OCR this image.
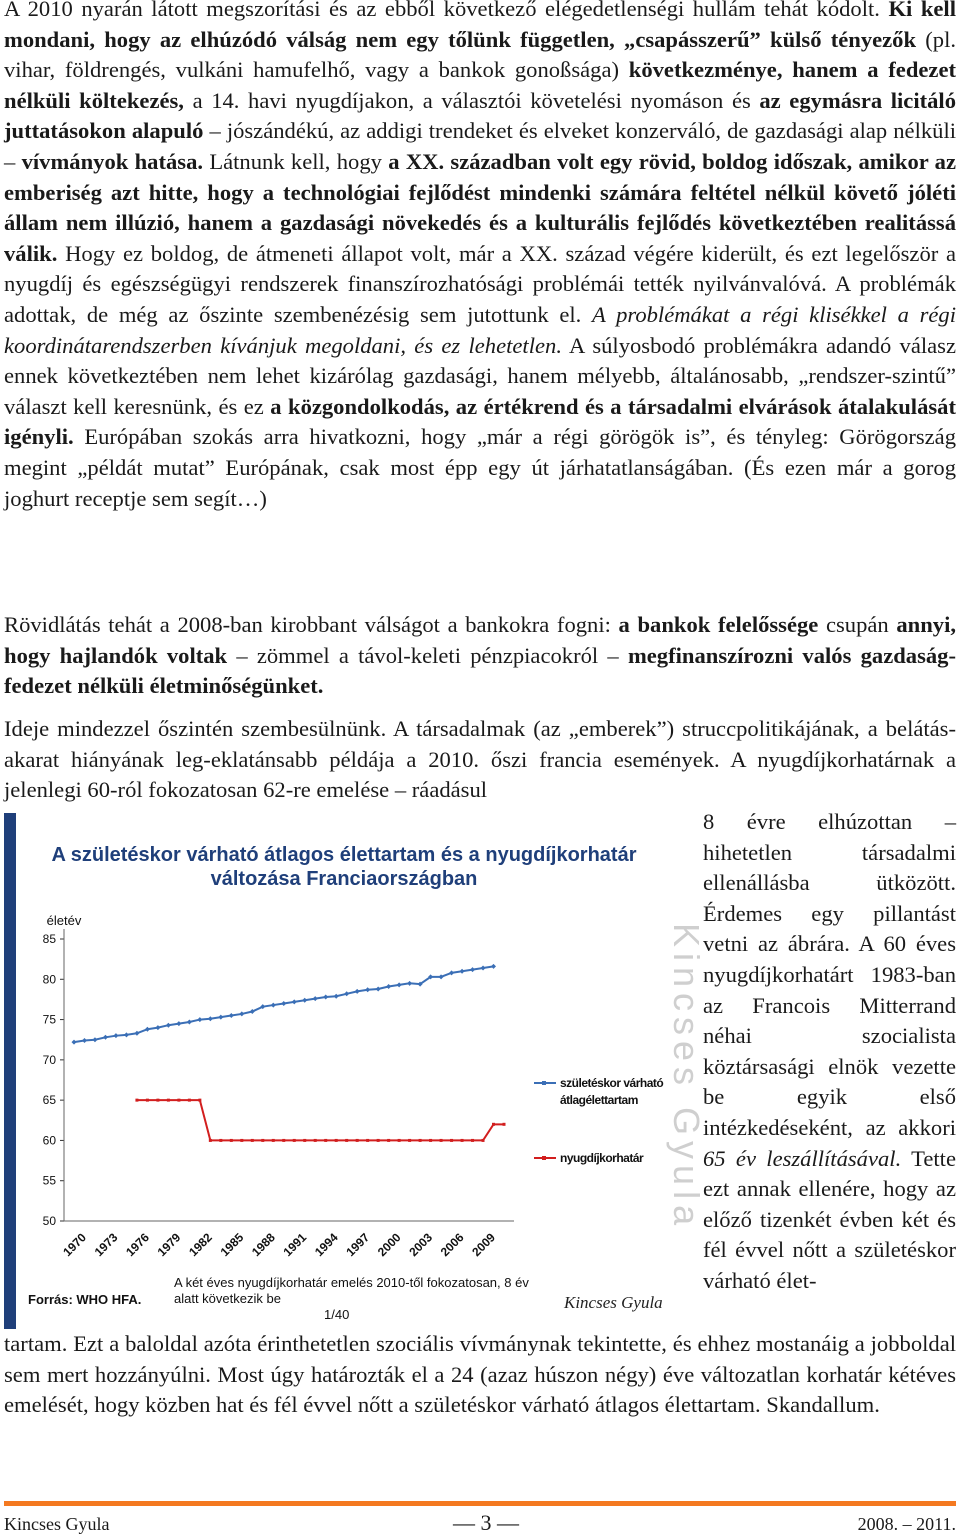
A 2010 nyarán látott megszorítási és az ebből következő elégedetlenségi hullám tehát kódolt. Ki kell mondani, hogy az elhúzódó válság nem egy tőlünk független, „csapásszerű” külső tényezők (pl. vihar, földrengés, vulkáni hamufelhő, vagy a bankok gonoßsága) következménye, hanem a fedezet nélküli költekezés, a 14. havi nyugdíjakon, a választói követelési nyomáson és az egymásra licitáló juttatásokon alapuló – jószándékú, az addigi trendeket és elveket konzerváló, de gazdasági alap nélküli – vívmányok hatása. Látnunk kell, hogy a XX. században volt egy rövid, boldog időszak, amikor az emberiség azt hitte, hogy a technológiai fejlődést mindenki számára feltétel nélkül követő jóléti állam nem illúzió, hanem a gazdasági növekedés és a kulturális fejlődés következtében realitássá válik. Hogy ez boldog, de átmeneti állapot volt, már a XX. század végére kiderült, és ezt legelőször a nyugdíj és egészségügyi rendszerek finanszírozhatósági problémái tették nyilvánvalóvá. A problémák adottak, de még az őszinte szembenézésig sem jutottunk el. A problémákat a régi klisékkel a régi koordinátarendszerben kívánjuk megoldani, és ez lehetetlen. A súlyosbodó problémákra adandó válasz ennek következtében nem lehet kizárólag gazdasági, hanem mélyebb, általánosabb, „rendszer-szintű” választ kell keresnünk, és ez a közgondolkodás, az értékrend és a társadalmi elvárások átalakulását igényli. Európában szokás arra hivatkozni, hogy „már a régi görögök is”, és tényleg: Görögország megint „példát mutat” Európának, csak most épp egy út járhatatlanságában. (És ezen már a gorog joghurt receptje sem segít…)

Rövidlátás tehát a 2008-ban kirobbant válságot a bankokra fogni: a bankok felelőssége csupán annyi, hogy hajlandók voltak – zömmel a távol-keleti pénzpiacokról – megfinanszírozni valós gazdaság-fedezet nélküli életminőségünket.

Ideje mindezzel őszintén szembesülnünk. A társadalmak (az „emberek”) struccpolitikájának, a belátás-akarat hiányának leg-eklatánsabb példája a 2010. őszi francia események. A nyugdíjkorhatárnak a jelenlegi 60-ról fokozatosan 62-re emelése – ráadásul

8 évre elhúzottan – hihetetlen társadalmi ellenállásba ütközött. Érdemes egy pillantást vetni az ábrára. A 60 éves nyugdíjkorhatárt 1983-ban az Francois Mitterrand néhai szocialista köztársasági elnök vezette be egyik első intézkedéseként, az akkori 65 év leszállításával. Tette ezt annak ellenére, hogy az előző tizenkét évben két és fél évvel nőtt a születéskor várható élet-

tartam. Ezt a baloldal azóta érinthetetlen szociális vívmánynak tekintette, és ehhez mostanáig a jobboldal sem mert hozzányúlni. Most úgy határozták el a 24 (azaz húszon négy) éve változatlan korhatár kétéves emelését, hogy közben hat és fél évvel nőtt a születéskor várható átlagos élettartam. Skandallum.

A születéskor várható átlagos élettartam és a nyugdíjkorhatár
változása Franciaországban
életév
Kincses Gyula
85
80
75
70
65
60
55
50
1970 1973 1976 1979 1982 1985 1988 1991 1994 1997 2000 2003 2006 2009
születéskor várható
átlagélettartam
nyugdíjkorhatár
A két éves nyugdíjkorhatár emelés 2010-től fokozatosan, 8 év
alatt következik be
Forrás: WHO HFA.
1/40
Kincses Gyula
Kincses Gyula	— 3 —	2008. – 2011.
